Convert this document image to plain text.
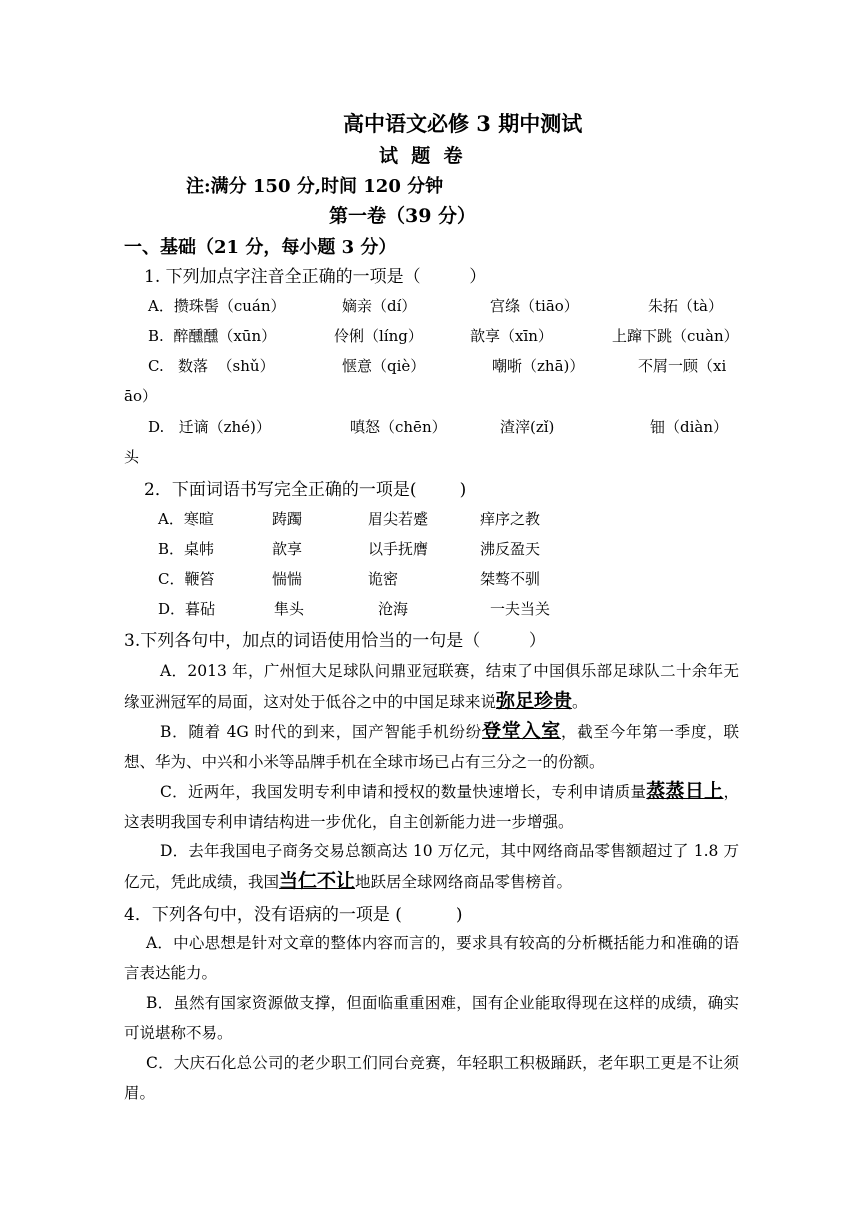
高中语文必修 3 期中测试
试  题  卷
注:满分 150 分,时间 120 分钟
第一卷（39 分）
一、基础（21 分，每小题 3 分）
1. 下列加点字注音全正确的一项是（         ）
A．攒珠髻（cuán）	嫡亲（dí）	宫绦（tiāo）	朱拓（tà）
B.  醉醺醺（xūn）	伶俐（líng）	歆享（xīn）	上蹿下跳（cuàn）
C.   数落  （shǔ）	惬意（qiè）	嘲哳（zhā)）	不屑一顾（xi
āo）
D.   迁谪（zhé)）	嗔怒（chēn）	渣滓(zǐ)	钿（diàn）
头
2．下面词语书写完全正确的一项是(        )
A．寒暄	踌躅	眉尖若蹙	痒序之教
B．桌帏	歆享	以手抚膺	沸反盈天
C．鞭笞	惴惴	诡密	桀骜不驯
D．暮砧	隼头	沧海	一夫当关
3.下列各句中，加点的词语使用恰当的一句是（         ）
A．2013 年，广州恒大足球队问鼎亚冠联赛，结束了中国俱乐部足球队二十余年无缘亚洲冠军的局面，这对处于低谷之中的中国足球来说弥足珍贵。
B．随着 4G 时代的到来，国产智能手机纷纷登堂入室，截至今年第一季度，联想、华为、中兴和小米等品牌手机在全球市场已占有三分之一的份额。
C．近两年，我国发明专利申请和授权的数量快速增长，专利申请质量蒸蒸日上，这表明我国专利申请结构进一步优化，自主创新能力进一步增强。
D．去年我国电子商务交易总额高达 10 万亿元，其中网络商品零售额超过了 1.8 万亿元，凭此成绩，我国当仁不让地跃居全球网络商品零售榜首。
4．下列各句中，没有语病的一项是 (          )
A．中心思想是针对文章的整体内容而言的，要求具有较高的分析概括能力和准确的语言表达能力。
B．虽然有国家资源做支撑，但面临重重困难，国有企业能取得现在这样的成绩，确实可说堪称不易。
C．大庆石化总公司的老少职工们同台竞赛，年轻职工积极踊跃，老年职工更是不让须眉。
